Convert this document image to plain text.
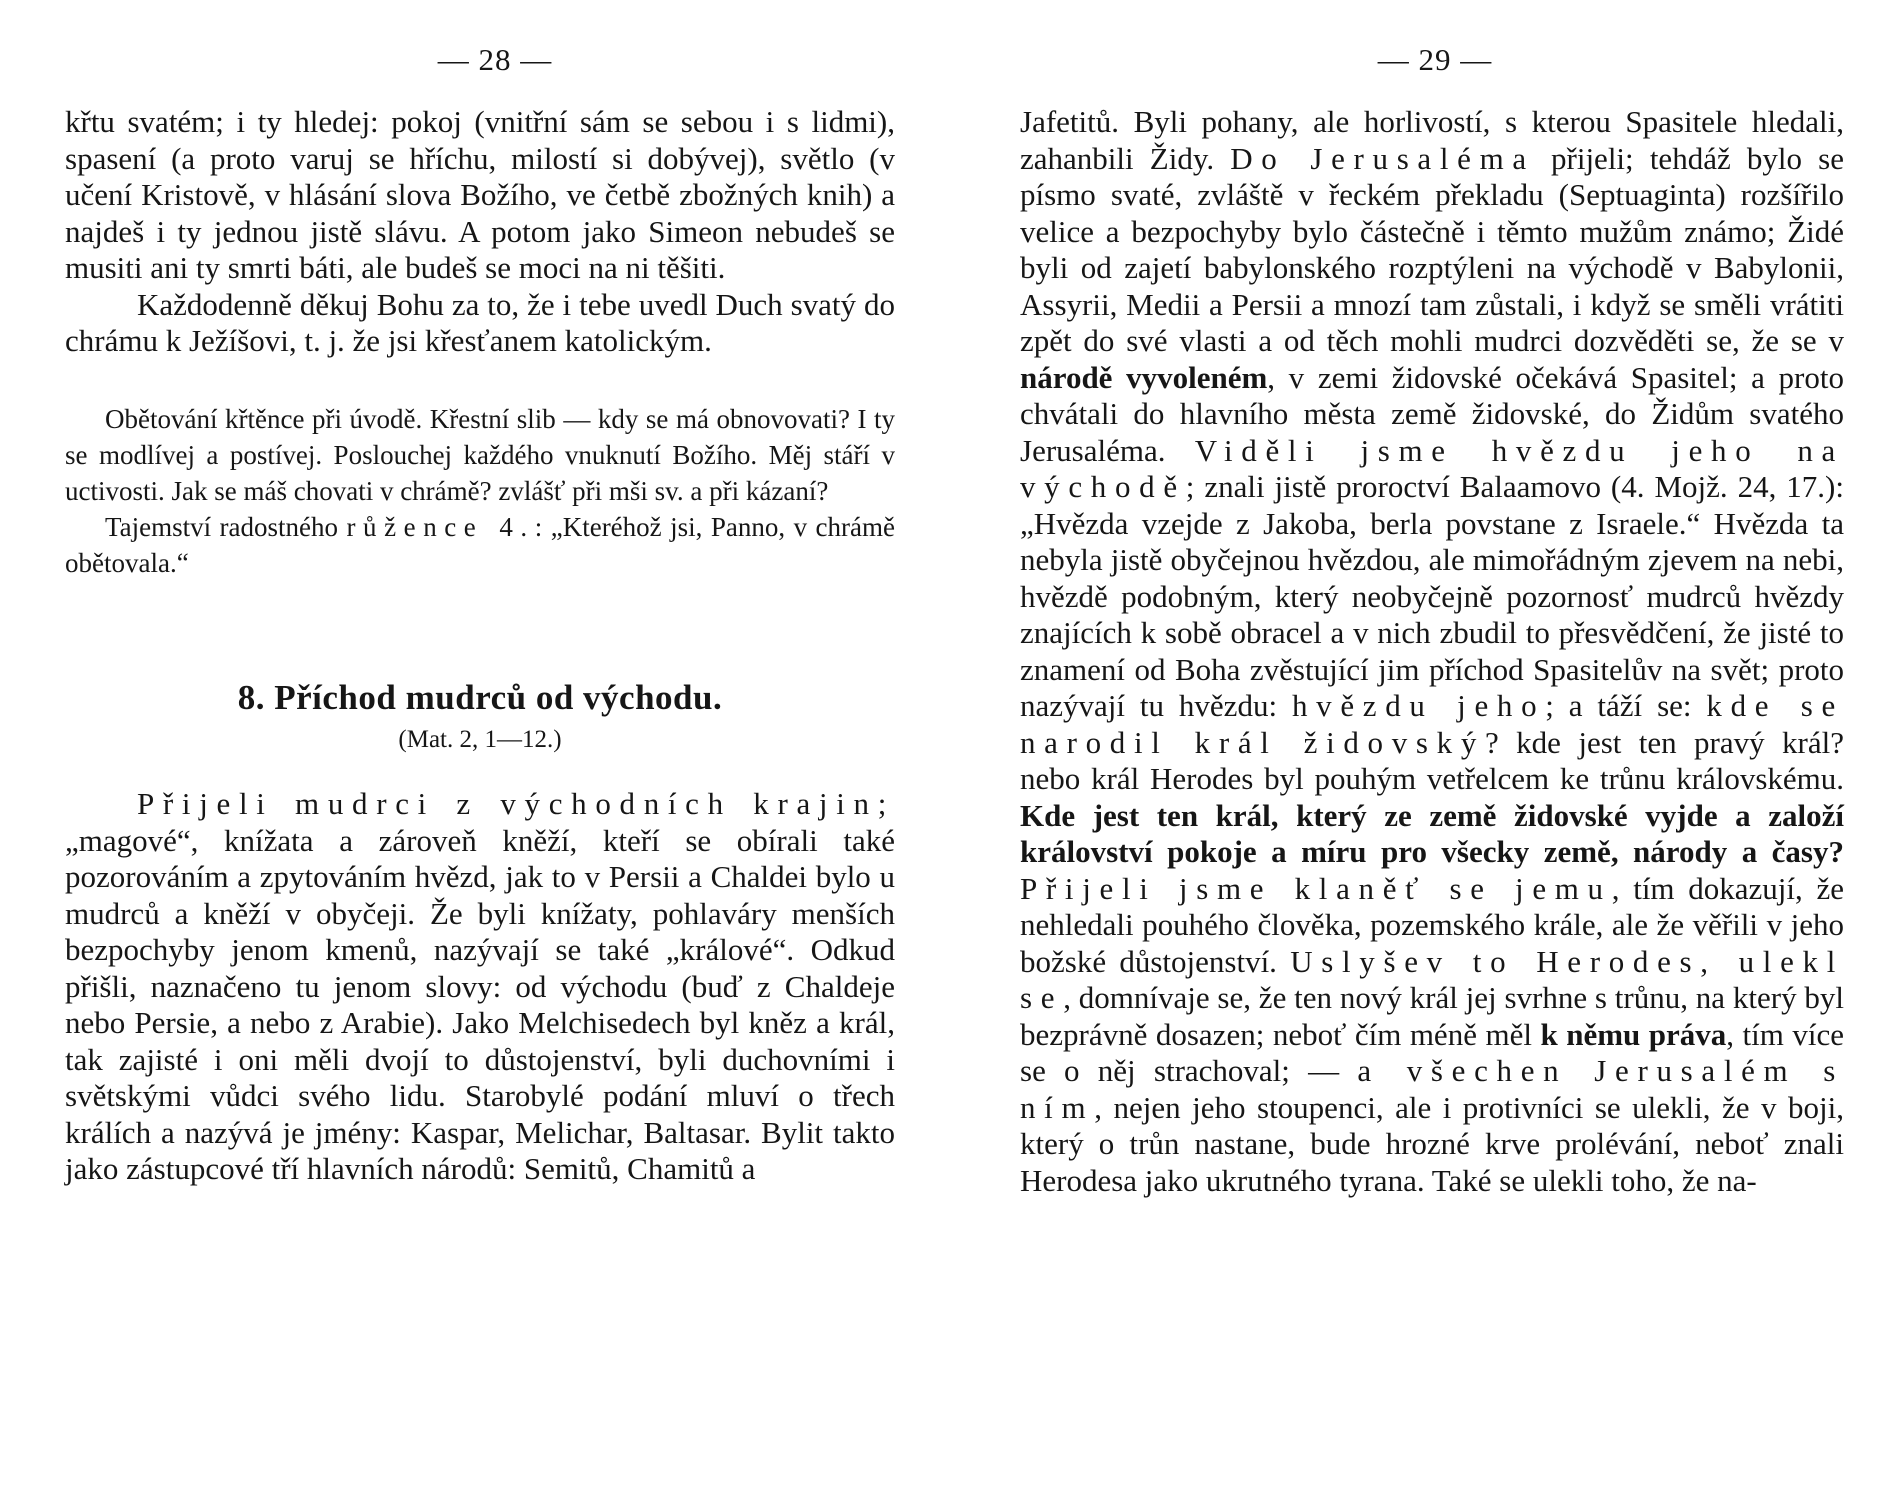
— 28 —

křtu svatém; i ty hledej: pokoj (vnitřní sám se sebou i s lidmi), spasení (a proto varuj se hříchu, milostí si dobývej), světlo (v učení Kristově, v hlásání slova Božího, ve četbě zbožných knih) a najdeš i ty jednou jistě slávu. A potom jako Simeon nebudeš se musiti ani ty smrti báti, ale budeš se moci na ni těšiti.

Každodenně děkuj Bohu za to, že i tebe uvedl Duch svatý do chrámu k Ježíšovi, t. j. že jsi křesťanem katolickým.

Obětování křtěnce při úvodě. Křestní slib — kdy se má obnovovati? I ty se modlívej a postívej. Poslouchej každého vnuknutí Božího. Měj stáří v uctivosti. Jak se máš chovati v chrámě? zvlášť při mši sv. a při kázaní?

Tajemství radostného růžence 4.: „Kteréhož jsi, Panno, v chrámě obětovala.“

8. Příchod mudrců od východu.

(Mat. 2, 1—12.)

Přijeli mudrci z východních krajin; „magové“, knížata a zároveň kněží, kteří se obírali také pozorováním a zpytováním hvězd, jak to v Persii a Chaldei bylo u mudrců a kněží v obyčeji. Že byli knížaty, pohlaváry menších bezpochyby jenom kmenů, nazývají se také „králové“. Odkud přišli, naznačeno tu jenom slovy: od východu (buď z Chaldeje nebo Persie, a nebo z Arabie). Jako Melchisedech byl kněz a král, tak zajisté i oni měli dvojí to důstojenství, byli duchovními i světskými vůdci svého lidu. Starobylé podání mluví o třech králích a nazývá je jmény: Kaspar, Melichar, Baltasar. Bylit takto jako zástupcové tří hlavních národů: Semitů, Chamitů a

— 29 —

Jafetitů. Byli pohany, ale horlivostí, s kterou Spasitele hledali, zahanbili Židy. Do Jerusaléma přijeli; tehdáž bylo se písmo svaté, zvláště v řeckém překladu (Septuaginta) rozšířilo velice a bezpochyby bylo částečně i těmto mužům známo; Židé byli od zajetí babylonského rozptýleni na východě v Babylonii, Assyrii, Medii a Persii a mnozí tam zůstali, i když se směli vrátiti zpět do své vlasti a od těch mohli mudrci dozvěděti se, že se v národě vyvoleném, v zemi židovské očekává Spasitel; a proto chvátali do hlavního města země židovské, do Židům svatého Jerusaléma. Viděli jsme hvězdu jeho na východě; znali jistě proroctví Balaamovo (4. Mojž. 24, 17.): „Hvězda vzejde z Jakoba, berla povstane z Israele.“ Hvězda ta nebyla jistě obyčejnou hvězdou, ale mimořádným zjevem na nebi, hvězdě podobným, který neobyčejně pozornosť mudrců hvězdy znajících k sobě obracel a v nich zbudil to přesvědčení, že jisté to znamení od Boha zvěstující jim příchod Spasitelův na svět; proto nazývají tu hvězdu: hvězdu jeho; a táží se: kde se narodil král židovský? kde jest ten pravý král? nebo král Herodes byl pouhým vetřelcem ke trůnu královskému. Kde jest ten král, který ze země židovské vyjde a založí království pokoje a míru pro všecky země, národy a časy? Přijeli jsme klaněť se jemu, tím dokazují, že nehledali pouhého člověka, pozemského krále, ale že věřili v jeho božské důstojenství. Uslyšev to Herodes, ulekl se, domnívaje se, že ten nový král jej svrhne s trůnu, na který byl bezprávně dosazen; neboť čím méně měl k němu práva, tím více se o něj strachoval; — a všechen Jerusalém s ním, nejen jeho stoupenci, ale i protivníci se ulekli, že v boji, který o trůn nastane, bude hrozné krve prolévání, neboť znali Herodesa jako ukrutného tyrana. Také se ulekli toho, že na-
